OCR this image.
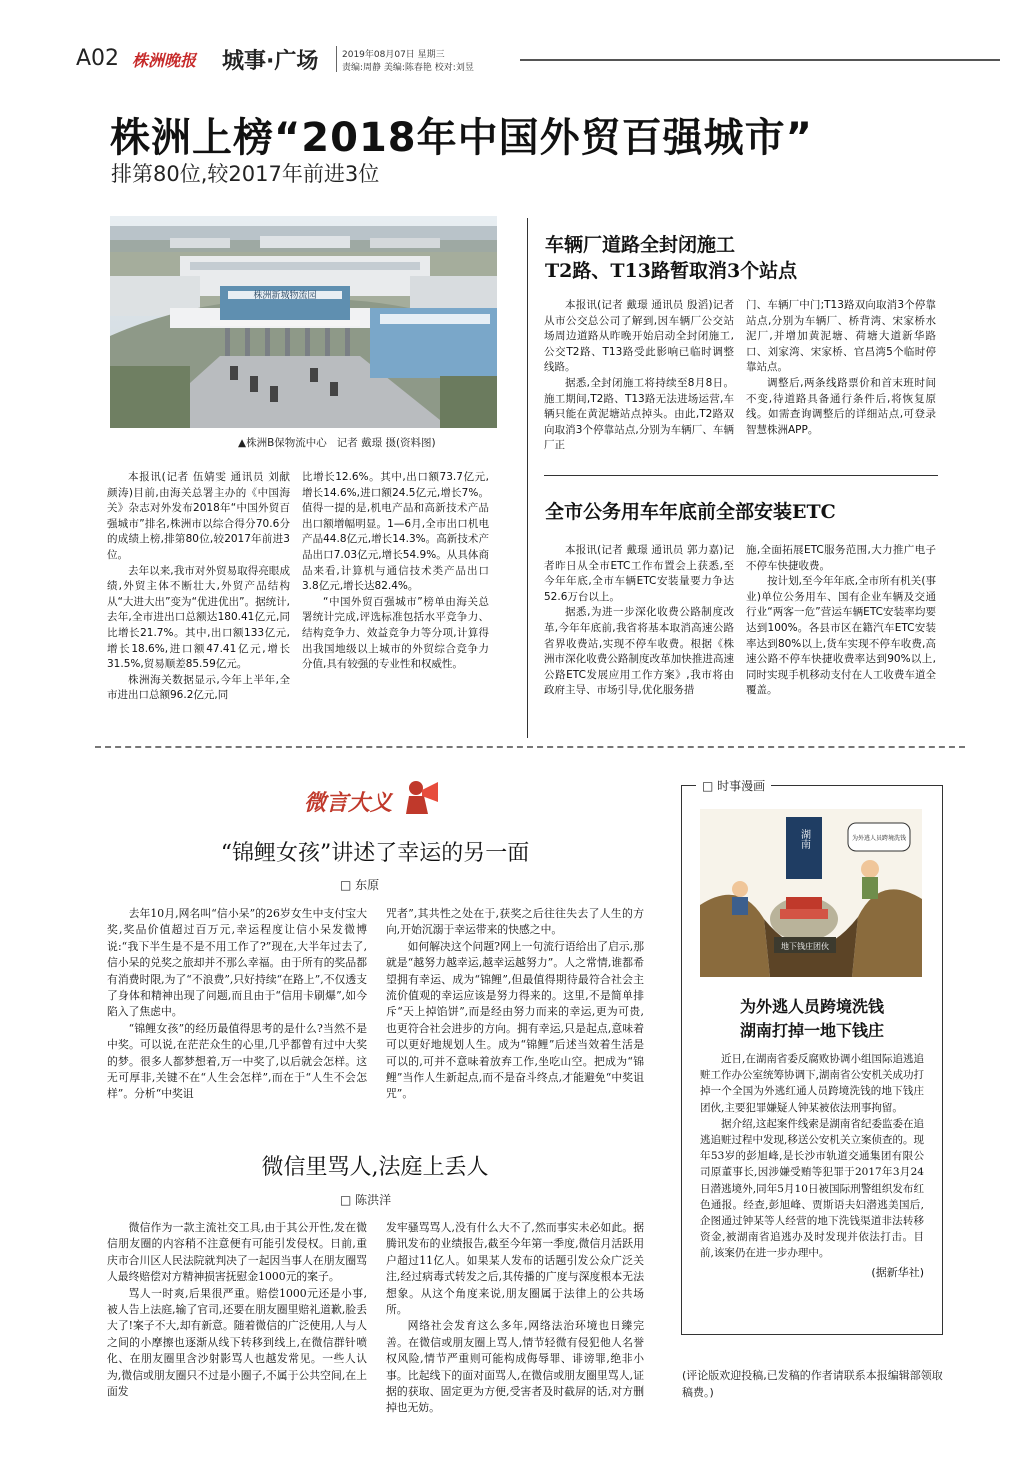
A02 株洲晚报 城事·广场	2019年08月07日 星期三
责编:周静 美编:陈春艳 校对:刘昱
株洲上榜“2018年中国外贸百强城市”
排第80位,较2017年前进3位
株洲新城物流园
▲株洲B保物流中心   记者 戴璟 摄(资料图)

本报讯(记者 伍婧雯 通讯员 刘献 颜涛)目前,由海关总署主办的《中国海关》杂志对外发布2018年“中国外贸百强城市”排名,株洲市以综合得分70.6分的成绩上榜,排第80位,较2017年前进3位。

去年以来,我市对外贸易取得亮眼成绩,外贸主体不断壮大,外贸产品结构从“大进大出”变为“优进优出”。据统计,去年,全市进出口总额达180.41亿元,同比增长21.7%。其中,出口额133亿元,增长18.6%,进口额47.41亿元,增长31.5%,贸易顺差85.59亿元。

株洲海关数据显示,今年上半年,全市进出口总额96.2亿元,同

比增长12.6%。其中,出口额73.7亿元,增长14.6%,进口额24.5亿元,增长7%。值得一提的是,机电产品和高新技术产品出口额增幅明显。1—6月,全市出口机电产品44.8亿元,增长14.3%。高新技术产品出口7.03亿元,增长54.9%。从具体商品来看,计算机与通信技术类产品出口3.8亿元,增长达82.4%。

“中国外贸百强城市”榜单由海关总署统计完成,评选标准包括水平竞争力、结构竞争力、效益竞争力等分项,计算得出我国地级以上城市的外贸综合竞争力分值,具有较强的专业性和权威性。

车辆厂道路全封闭施工
T2路、T13路暂取消3个站点

本报讯(记者 戴璟 通讯员 殷滔)记者从市公交总公司了解到,因车辆厂公交站场周边道路从昨晚开始启动全封闭施工,公交T2路、T13路受此影响已临时调整线路。

据悉,全封闭施工将持续至8月8日。施工期间,T2路、T13路无法进场运营,车辆只能在黄泥塘站点掉头。由此,T2路双向取消3个停靠站点,分别为车辆厂、车辆厂正

门、车辆厂中门;T13路双向取消3个停靠站点,分别为车辆厂、桥背湾、宋家桥水泥厂,并增加黄泥塘、荷塘大道新华路口、刘家湾、宋家桥、官昌湾5个临时停靠站点。

调整后,两条线路票价和首末班时间不变,待道路具备通行条件后,将恢复原线。如需查询调整后的详细站点,可登录智慧株洲APP。

全市公务用车年底前全部安装ETC

本报讯(记者 戴璟 通讯员 郭力嘉)记者昨日从全市ETC工作布置会上获悉,至今年年底,全市车辆ETC安装量要力争达52.6万台以上。

据悉,为进一步深化收费公路制度改革,今年年底前,我省将基本取消高速公路省界收费站,实现不停车收费。根据《株洲市深化收费公路制度改革加快推进高速公路ETC发展应用工作方案》,我市将由政府主导、市场引导,优化服务措

施,全面拓展ETC服务范围,大力推广电子不停车快捷收费。

按计划,至今年年底,全市所有机关(事业)单位公务用车、国有企业车辆及交通行业“两客一危”营运车辆ETC安装率均要达到100%。各县市区在籍汽车ETC安装率达到80%以上,货车实现不停车收费,高速公路不停车快捷收费率达到90%以上,同时实现手机移动支付在人工收费车道全覆盖。

微言大义
“锦鲤女孩”讲述了幸运的另一面
□ 东原

去年10月,网名叫“信小呆”的26岁女生中支付宝大奖,奖品价值超过百万元,幸运程度让信小呆发微博说:“我下半生是不是不用工作了?”现在,大半年过去了,信小呆的兑奖之旅却并不那么幸福。由于所有的奖品都有消费时限,为了“不浪费”,只好持续“在路上”,不仅透支了身体和精神出现了问题,而且由于“信用卡刷爆”,如今陷入了焦虑中。

“锦鲤女孩”的经历最值得思考的是什么?当然不是中奖。可以说,在茫茫众生的心里,几乎都曾有过中大奖的梦。很多人都梦想着,万一中奖了,以后就会怎样。这无可厚非,关键不在“人生会怎样”,而在于“人生不会怎样”。分析“中奖诅

咒者”,其共性之处在于,获奖之后往往失去了人生的方向,开始沉溺于幸运带来的快感之中。

如何解决这个问题?网上一句流行语给出了启示,那就是“越努力越幸运,越幸运越努力”。人之常情,谁都希望拥有幸运、成为“锦鲤”,但最值得期待最符合社会主流价值观的幸运应该是努力得来的。这里,不是简单排斥“天上掉馅饼”,而是经由努力而来的幸运,更为可贵,也更符合社会进步的方向。拥有幸运,只是起点,意味着可以更好地规划人生。成为“锦鲤”后述当效着生活是可以的,可并不意味着放弃工作,坐吃山空。把成为“锦鲤”当作人生新起点,而不是奋斗终点,才能避免“中奖诅咒”。

微信里骂人,法庭上丢人
□ 陈洪洋

微信作为一款主流社交工具,由于其公开性,发在微信朋友圈的内容稍不注意便有可能引发侵权。日前,重庆市合川区人民法院就判决了一起因当事人在朋友圈骂人最终赔偿对方精神损害抚慰金1000元的案子。

骂人一时爽,后果很严重。赔偿1000元还是小事,被人告上法庭,输了官司,还要在朋友圈里赔礼道歉,脸丢大了!案子不大,却有新意。随着微信的广泛使用,人与人之间的小摩擦也逐渐从线下转移到线上,在微信群针喷化、在朋友圈里含沙射影骂人也越发常见。一些人认为,微信或朋友圈只不过是小圈子,不属于公共空间,在上面发

发牢骚骂骂人,没有什么大不了,然而事实未必如此。据腾讯发布的业绩报告,截至今年第一季度,微信月活跃用户超过11亿人。如果某人发布的话题引发公众广泛关注,经过病毒式转发之后,其传播的广度与深度根本无法想象。从这个角度来说,朋友圈属于法律上的公共场所。

网络社会发育这么多年,网络法治环境也日臻完善。在微信或朋友圈上骂人,情节轻微有侵犯他人名誉权风险,情节严重则可能构成侮辱罪、诽谤罪,绝非小事。比起线下的面对面骂人,在微信或朋友圈里骂人,证据的获取、固定更为方便,受害者及时截屏的话,对方删掉也无妨。

□ 时事漫画
湖南
地下钱庄团伙
为外逃人员跨境洗钱
为外逃人员跨境洗钱
湖南打掉一地下钱庄

近日,在湖南省委反腐败协调小组国际追逃追赃工作办公室统筹协调下,湖南省公安机关成功打掉一个全国为外逃红通人员跨境洗钱的地下钱庄团伙,主要犯罪嫌疑人钟某被依法刑事拘留。

据介绍,这起案件线索是湖南省纪委监委在追逃追赃过程中发现,移送公安机关立案侦查的。现年53岁的彭旭峰,是长沙市轨道交通集团有限公司原董事长,因涉嫌受贿等犯罪于2017年3月24日潜逃境外,同年5月10日被国际刑警组织发布红色通报。经查,彭旭峰、贾斯语夫妇潜逃美国后,企图通过钟某等人经营的地下洗钱渠道非法转移资金,被湖南省追逃办及时发现并依法打击。目前,该案仍在进一步办理中。

(据新华社)

(评论版欢迎投稿,已发稿的作者请联系本报编辑部领取稿费。)
